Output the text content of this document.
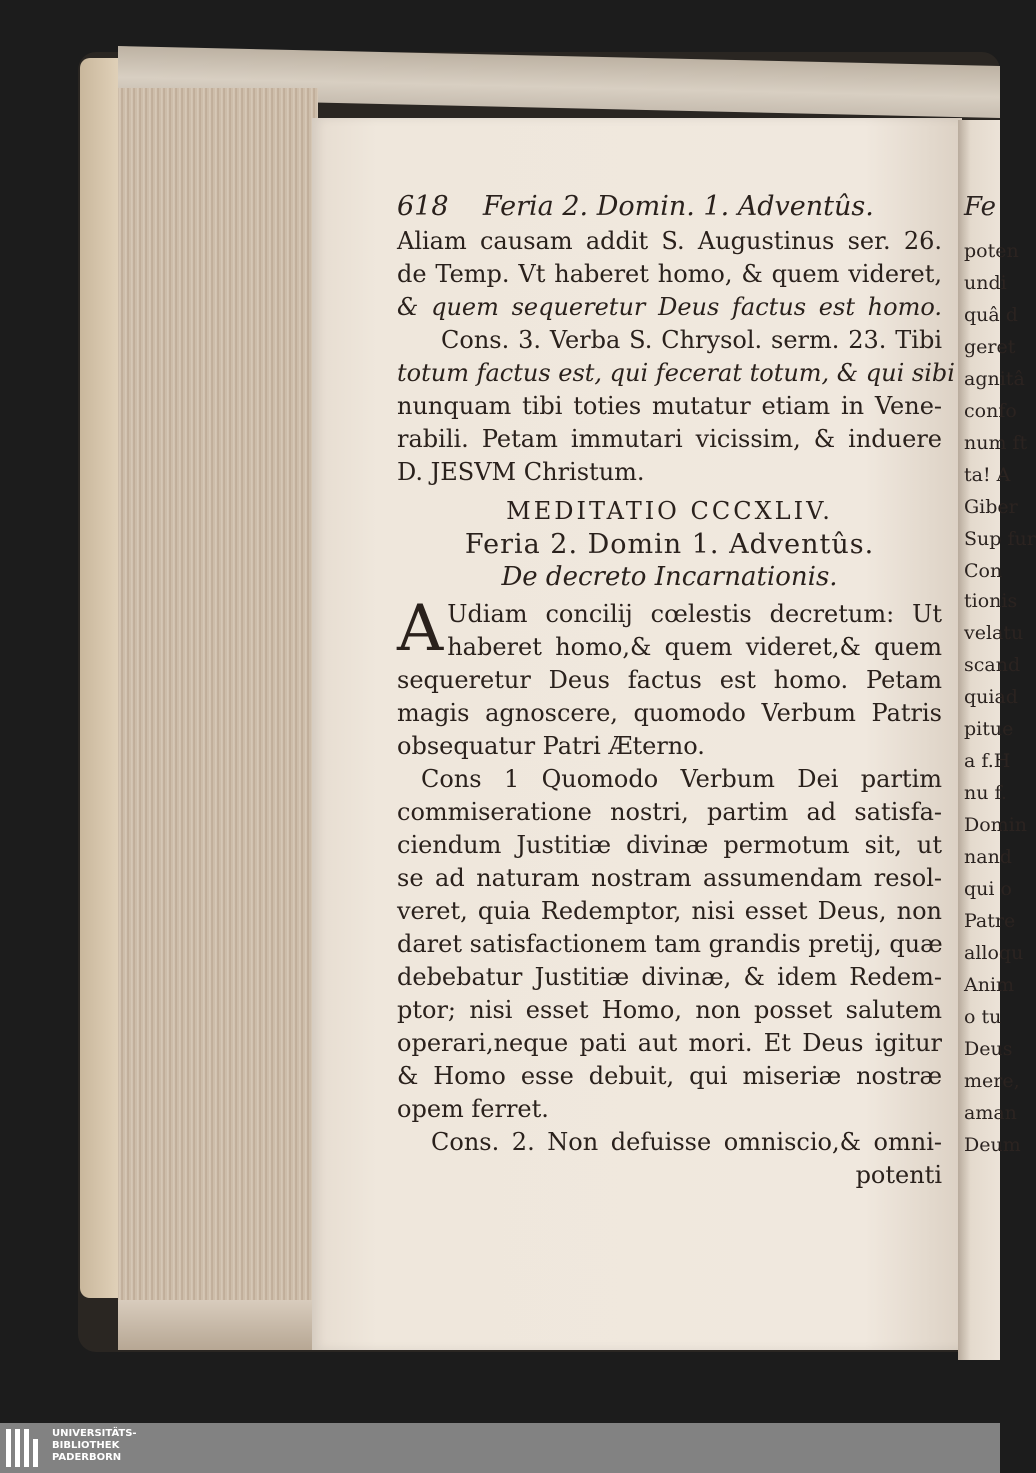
Fe
poten
undi
quâ d
geret
agnitâ
confo
num ft
ta! A
Giber
Sup fur
Con
tionis
velatu
scand
quiad
pitue
a f.H
nu f.
Domin
nand
qui o
Patre
alloqu
Anim
o tu
Deus
mere,
aman
Deum
618 Feria 2. Domin. 1. Adventûs.
Aliam causam addit S. Augustinus ser. 26.
de Temp. Vt haberet homo, & quem videret,
& quem sequeretur Deus factus est homo.
Cons. 3. Verba S. Chrysol. serm. 23. Tibi
totum factus est, qui fecerat totum, & qui sibi
nunquam tibi toties mutatur etiam in Vene-
rabili. Petam immutari vicissim, & induere
D. JESVM Christum.
MEDITATIO CCCXLIV.
Feria 2. Domin 1. Adventûs.
De decreto Incarnationis.
A Udiam concilij cœlestis decretum: Ut
haberet homo,& quem videret,& quem
sequeretur Deus factus est homo. Petam
magis agnoscere, quomodo Verbum Patris
obsequatur Patri Æterno.
Cons 1 Quomodo Verbum Dei partim
commiseratione nostri, partim ad satisfa-
ciendum Justitiæ divinæ permotum sit, ut
se ad naturam nostram assumendam resol-
veret, quia Redemptor, nisi esset Deus, non
daret satisfactionem tam grandis pretij, quæ
debebatur Justitiæ divinæ, & idem Redem-
ptor; nisi esset Homo, non posset salutem
operari,neque pati aut mori. Et Deus igitur
& Homo esse debuit, qui miseriæ nostræ
opem ferret.
Cons. 2. Non defuisse omniscio,& omni-
potenti
UNIVERSITÄTS-
BIBLIOTHEK
PADERBORN
